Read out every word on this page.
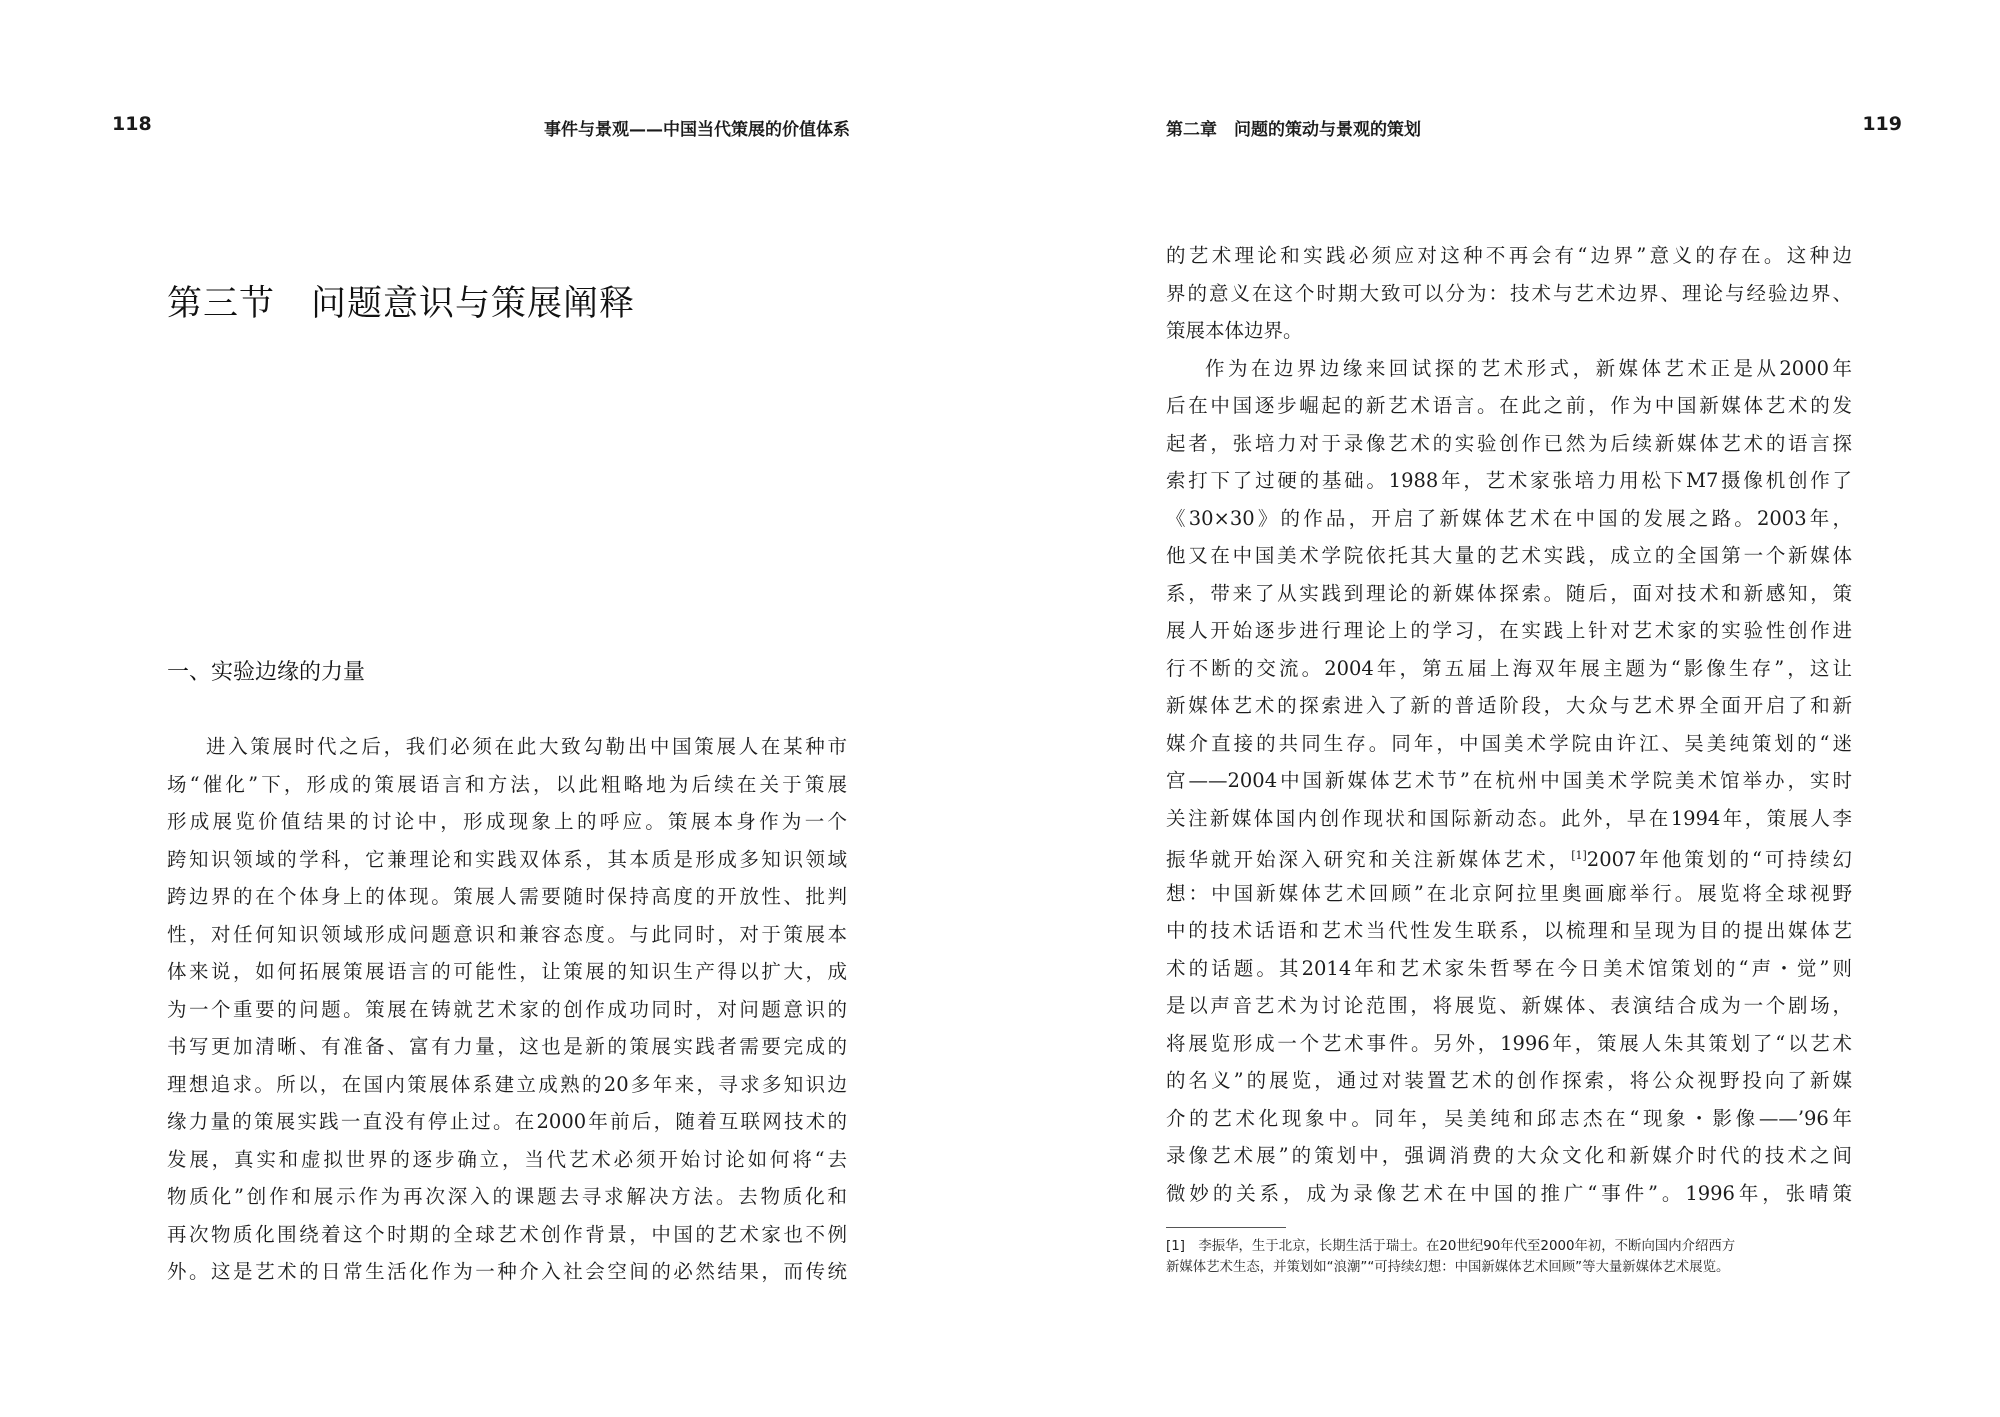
118	事件与景观——中国当代策展的价值体系
第三节　问题意识与策展阐释
一、实验边缘的力量
进入策展时代之后，我们必须在此大致勾勒出中国策展人在某种市
场“催化”下，形成的策展语言和方法，以此粗略地为后续在关于策展
形成展览价值结果的讨论中，形成现象上的呼应。策展本身作为一个
跨知识领域的学科，它兼理论和实践双体系，其本质是形成多知识领域
跨边界的在个体身上的体现。策展人需要随时保持高度的开放性、批判
性，对任何知识领域形成问题意识和兼容态度。与此同时，对于策展本
体来说，如何拓展策展语言的可能性，让策展的知识生产得以扩大，成
为一个重要的问题。策展在铸就艺术家的创作成功同时，对问题意识的
书写更加清晰、有准备、富有力量，这也是新的策展实践者需要完成的
理想追求。所以，在国内策展体系建立成熟的20多年来，寻求多知识边
缘力量的策展实践一直没有停止过。在2000年前后，随着互联网技术的
发展，真实和虚拟世界的逐步确立，当代艺术必须开始讨论如何将“去
物质化”创作和展示作为再次深入的课题去寻求解决方法。去物质化和
再次物质化围绕着这个时期的全球艺术创作背景，中国的艺术家也不例
外。这是艺术的日常生活化作为一种介入社会空间的必然结果，而传统
第二章　问题的策动与景观的策划	119
的艺术理论和实践必须应对这种不再会有“边界”意义的存在。这种边
界的意义在这个时期大致可以分为：技术与艺术边界、理论与经验边界、
策展本体边界。
作为在边界边缘来回试探的艺术形式，新媒体艺术正是从2000年
后在中国逐步崛起的新艺术语言。在此之前，作为中国新媒体艺术的发
起者，张培力对于录像艺术的实验创作已然为后续新媒体艺术的语言探
索打下了过硬的基础。1988年，艺术家张培力用松下M7摄像机创作了
《30×30》的作品，开启了新媒体艺术在中国的发展之路。2003年，
他又在中国美术学院依托其大量的艺术实践，成立的全国第一个新媒体
系，带来了从实践到理论的新媒体探索。随后，面对技术和新感知，策
展人开始逐步进行理论上的学习，在实践上针对艺术家的实验性创作进
行不断的交流。2004年，第五届上海双年展主题为“影像生存”，这让
新媒体艺术的探索进入了新的普适阶段，大众与艺术界全面开启了和新
媒介直接的共同生存。同年，中国美术学院由许江、吴美纯策划的“迷
宫——2004中国新媒体艺术节”在杭州中国美术学院美术馆举办，实时
关注新媒体国内创作现状和国际新动态。此外，早在1994年，策展人李
振华就开始深入研究和关注新媒体艺术，[1]2007年他策划的“可持续幻
想：中国新媒体艺术回顾”在北京阿拉里奥画廊举行。展览将全球视野
中的技术话语和艺术当代性发生联系，以梳理和呈现为目的提出媒体艺
术的话题。其2014年和艺术家朱哲琴在今日美术馆策划的“声・觉”则
是以声音艺术为讨论范围，将展览、新媒体、表演结合成为一个剧场，
将展览形成一个艺术事件。另外，1996年，策展人朱其策划了“以艺术
的名义”的展览，通过对装置艺术的创作探索，将公众视野投向了新媒
介的艺术化现象中。同年，吴美纯和邱志杰在“现象・影像——’96年
录像艺术展”的策划中，强调消费的大众文化和新媒介时代的技术之间
微妙的关系，成为录像艺术在中国的推广“事件”。1996年，张晴策
[1]　李振华，生于北京，长期生活于瑞士。在20世纪90年代至2000年初，不断向国内介绍西方
新媒体艺术生态，并策划如“浪潮”“可持续幻想：中国新媒体艺术回顾”等大量新媒体艺术展览。
